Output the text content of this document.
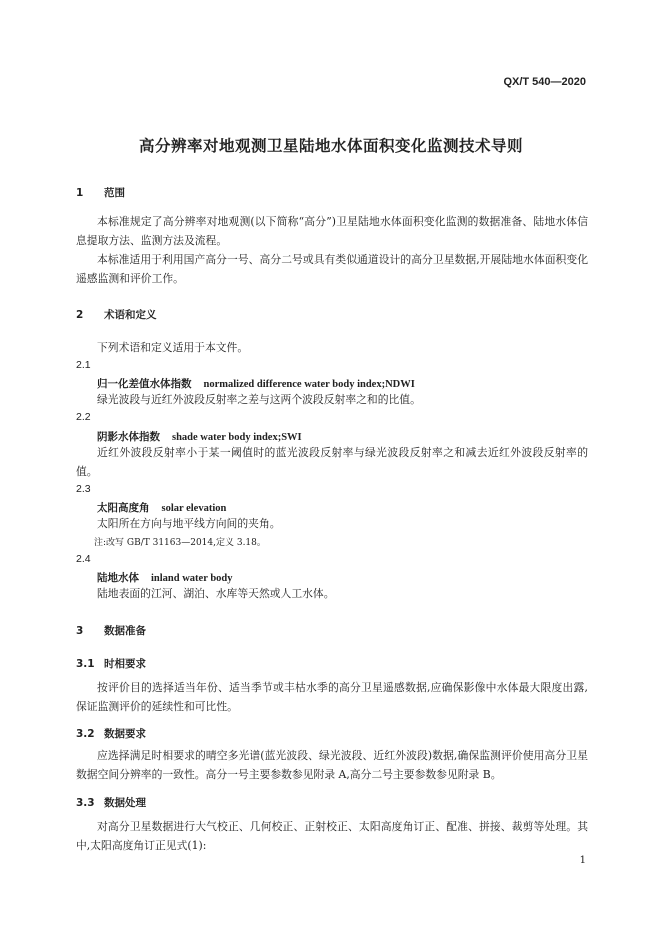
QX/T 540—2020
高分辨率对地观测卫星陆地水体面积变化监测技术导则
1 范围
本标准规定了高分辨率对地观测(以下简称“高分”)卫星陆地水体面积变化监测的数据准备、陆地水体信息提取方法、监测方法及流程。
本标准适用于利用国产高分一号、高分二号或具有类似通道设计的高分卫星数据,开展陆地水体面积变化遥感监测和评价工作。
2 术语和定义
下列术语和定义适用于本文件。
2.1
归一化差值水体指数 normalized difference water body index;NDWI
绿光波段与近红外波段反射率之差与这两个波段反射率之和的比值。
2.2
阴影水体指数 shade water body index;SWI
近红外波段反射率小于某一阈值时的蓝光波段反射率与绿光波段反射率之和减去近红外波段反射率的值。
2.3
太阳高度角 solar elevation
太阳所在方向与地平线方向间的夹角。
注:改写 GB/T 31163—2014,定义 3.18。
2.4
陆地水体 inland water body
陆地表面的江河、湖泊、水库等天然或人工水体。
3 数据准备
3.1 时相要求
按评价目的选择适当年份、适当季节或丰枯水季的高分卫星遥感数据,应确保影像中水体最大限度出露,保证监测评价的延续性和可比性。
3.2 数据要求
应选择满足时相要求的晴空多光谱(蓝光波段、绿光波段、近红外波段)数据,确保监测评价使用高分卫星数据空间分辨率的一致性。高分一号主要参数参见附录 A,高分二号主要参数参见附录 B。
3.3 数据处理
对高分卫星数据进行大气校正、几何校正、正射校正、太阳高度角订正、配准、拼接、裁剪等处理。其中,太阳高度角订正见式(1):
1
